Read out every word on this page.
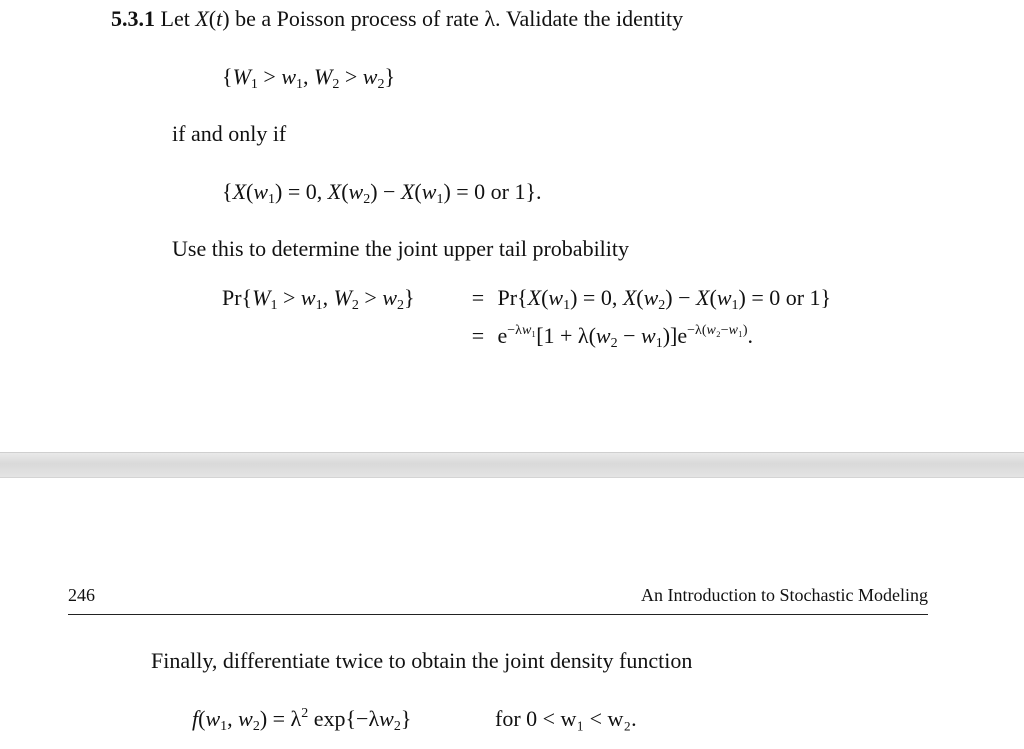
5.3.1 Let X(t) be a Poisson process of rate λ. Validate the identity
{$W_1 > w_1$, $W_2 > w_2$}
if and only if
{$X(w_1) = 0$, $X(w_2) - X(w_1) = 0$ or 1}.
Use this to determine the joint upper tail probability
$Pr\{W_1 > w_1$, $W_2 > w_2$}	= $Pr\{X(w_1) = 0$, $X(w_2) - X(w_1) = 0$ or 1}
= $e^{-\lambda w_1}[1 + \lambda(w_2 - w_1)]e^{-\lambda(w_2-w_1)}$.
246	An Introduction to Stochastic Modeling
Finally, differentiate twice to obtain the joint density function
$f(w_1$, $w_2) = \lambda^2$ $\exp\{-\lambda w_2\}$	for 0 < w₁ < w₂.
